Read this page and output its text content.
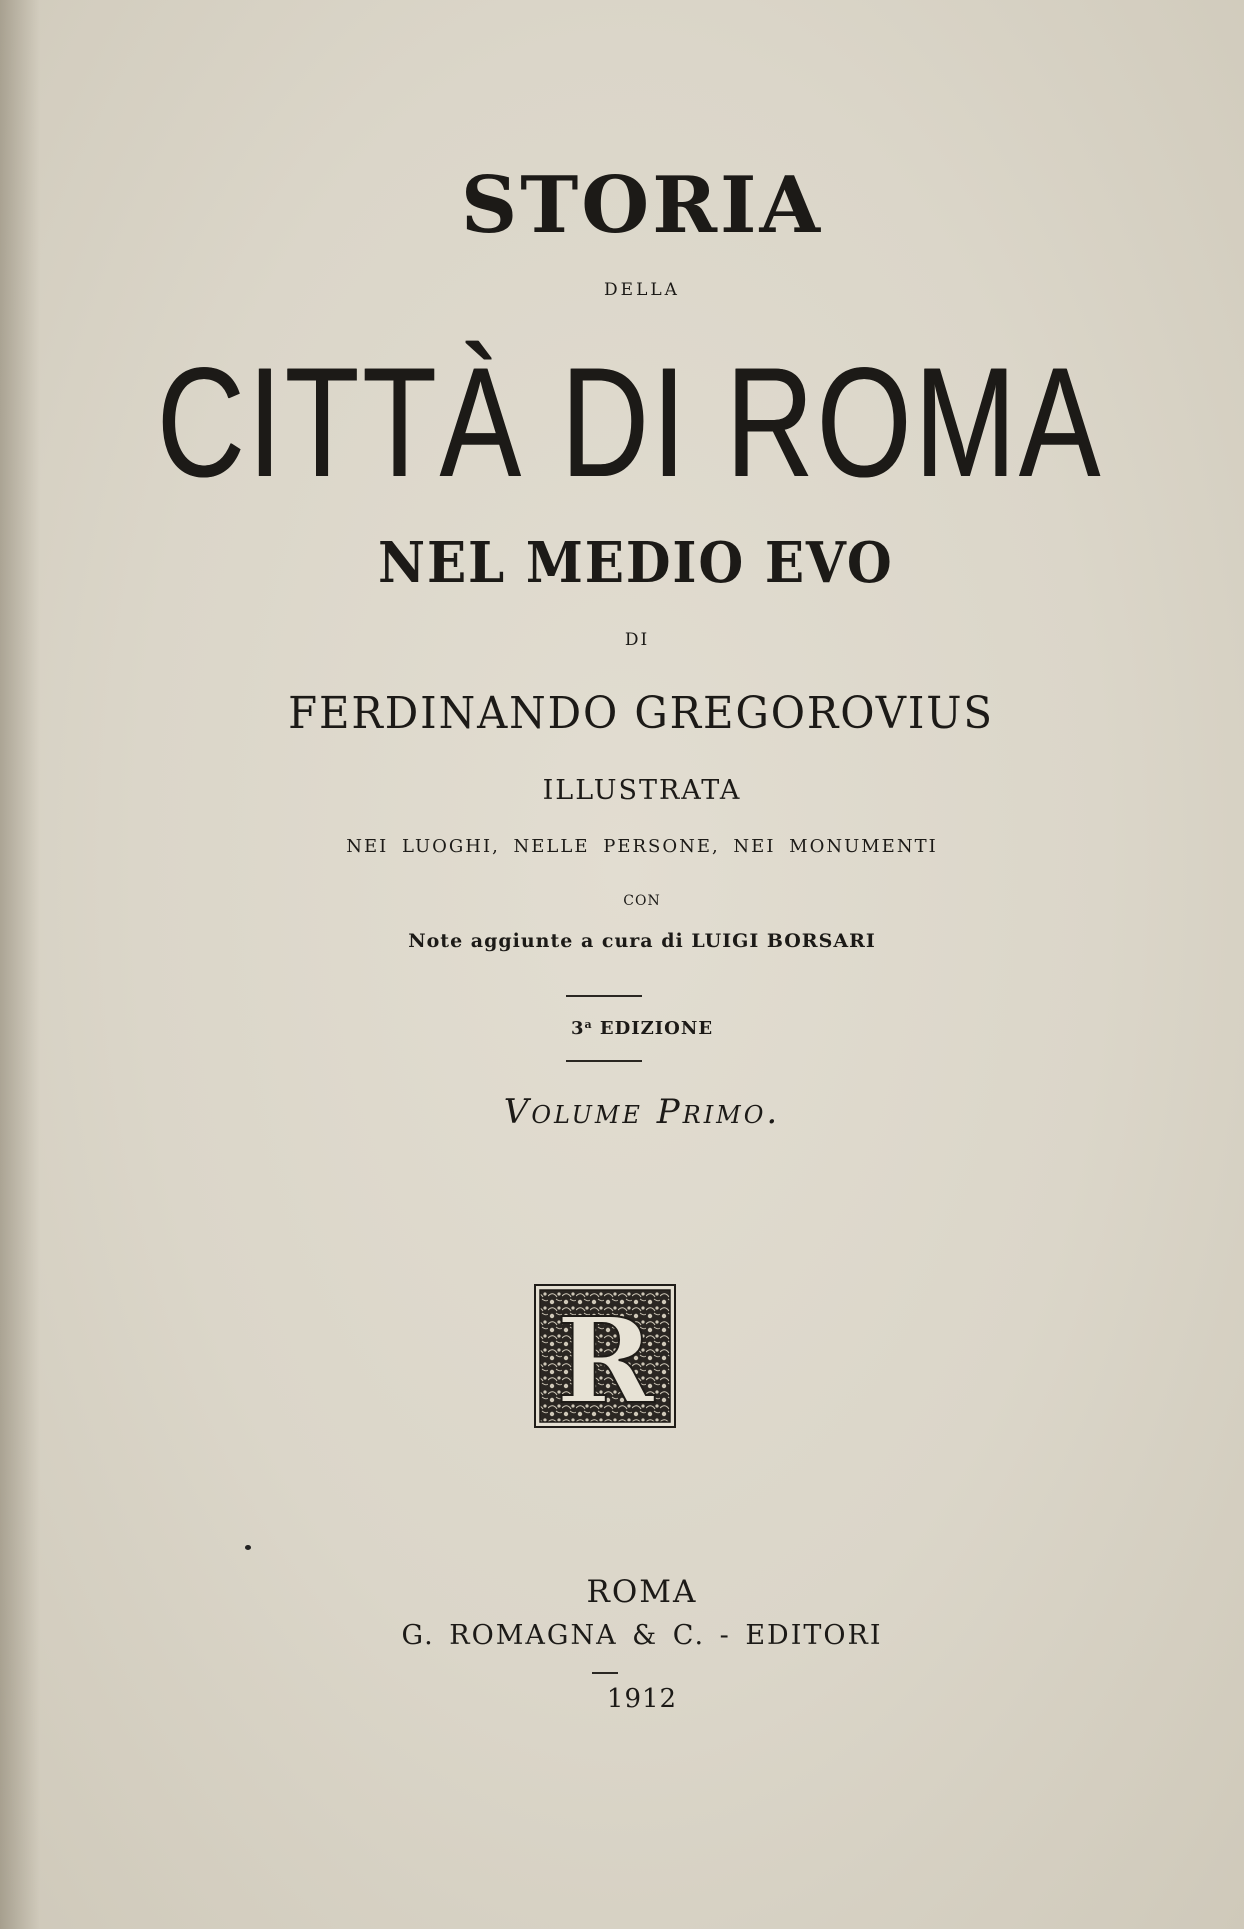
STORIA
DELLA
CITTÀ DI ROMA
NEL MEDIO EVO
DI
FERDINANDO GREGOROVIUS
ILLUSTRATA
NEI LUOGHI, NELLE PERSONE, NEI MONUMENTI
CON
Note aggiunte a cura di LUIGI BORSARI
3$^a$ EDIZIONE
Volume Primo.
R
ROMA
G. ROMAGNA & C. - EDITORI
1912
